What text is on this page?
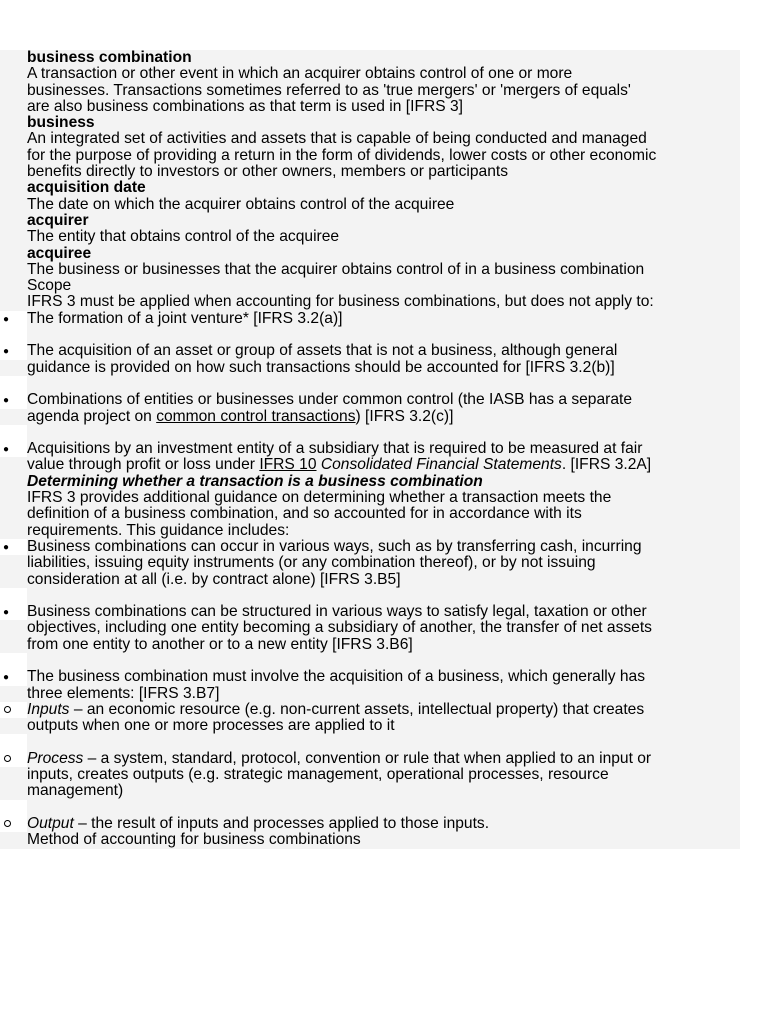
business combination
A transaction or other event in which an acquirer obtains control of one or more
businesses. Transactions sometimes referred to as 'true mergers' or 'mergers of equals'
are also business combinations as that term is used in [IFRS 3]
business
An integrated set of activities and assets that is capable of being conducted and managed
for the purpose of providing a return in the form of dividends, lower costs or other economic
benefits directly to investors or other owners, members or participants
acquisition date
The date on which the acquirer obtains control of the acquiree
acquirer
The entity that obtains control of the acquiree
acquiree
The business or businesses that the acquirer obtains control of in a business combination
Scope
IFRS 3 must be applied when accounting for business combinations, but does not apply to:
● The formation of a joint venture* [IFRS 3.2(a)]
● The acquisition of an asset or group of assets that is not a business, although general
guidance is provided on how such transactions should be accounted for [IFRS 3.2(b)]
● Combinations of entities or businesses under common control (the IASB has a separate
agenda project on common control transactions) [IFRS 3.2(c)]
● Acquisitions by an investment entity of a subsidiary that is required to be measured at fair
value through profit or loss under IFRS 10 Consolidated Financial Statements. [IFRS 3.2A]
Determining whether a transaction is a business combination
IFRS 3 provides additional guidance on determining whether a transaction meets the
definition of a business combination, and so accounted for in accordance with its
requirements. This guidance includes:
● Business combinations can occur in various ways, such as by transferring cash, incurring
liabilities, issuing equity instruments (or any combination thereof), or by not issuing
consideration at all (i.e. by contract alone) [IFRS 3.B5]
● Business combinations can be structured in various ways to satisfy legal, taxation or other
objectives, including one entity becoming a subsidiary of another, the transfer of net assets
from one entity to another or to a new entity [IFRS 3.B6]
● The business combination must involve the acquisition of a business, which generally has
three elements: [IFRS 3.B7]
Inputs – an economic resource (e.g. non-current assets, intellectual property) that creates
outputs when one or more processes are applied to it
Process – a system, standard, protocol, convention or rule that when applied to an input or
inputs, creates outputs (e.g. strategic management, operational processes, resource
management)
Output – the result of inputs and processes applied to those inputs.
Method of accounting for business combinations
